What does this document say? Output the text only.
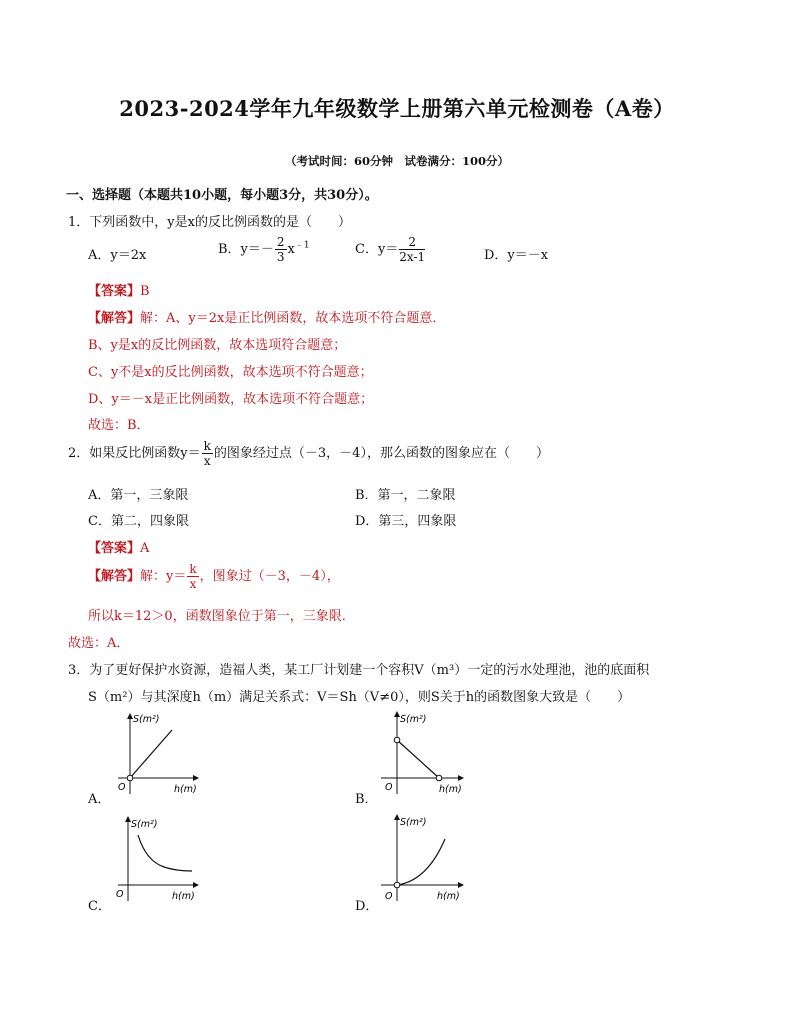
2023-2024学年九年级数学上册第六单元检测卷（A卷）
（考试时间：60分钟　试卷满分：100分）
一、选择题（本题共10小题，每小题3分，共30分）。
1．下列函数中，y是x的反比例函数的是（　　）
A．y＝2x	B．$y=- \frac{2}{3} x^{﹣1}$	C．$y= \frac{2}{2x-1}$	D．y＝－x
【答案】B
【解答】解：A、y＝2x是正比例函数，故本选项不符合题意．
B、y是x的反比例函数，故本选项符合题意；
C、y不是x的反比例函数，故本选项不符合题意；
D、y＝－x是正比例函数，故本选项不符合题意；
故选：B．
2．如果反比例函数$y= \frac{k}{x}$ 的图象经过点（－3，－4），那么函数的图象应在（　　）
A．第一，三象限	B．第一，二象限
C．第二，四象限	D．第三，四象限
【答案】A
【解答】解：$y= \frac{k}{x}$ ，图象过（－3，－4），
所以k＝12＞0，函数图象位于第一，三象限．
故选：A．
3．为了更好保护水资源，造福人类，某工厂计划建一个容积V（m³）一定的污水处理池，池的底面积
S（m²）与其深度h（m）满足关系式：V＝Sh（V≠0），则S关于h的函数图象大致是（　　）
A．
S(m²)
h(m)
O
B．
S(m²)
h(m)
O
C．
S(m²)
h(m)
O
D．
S(m²)
h(m)
O
